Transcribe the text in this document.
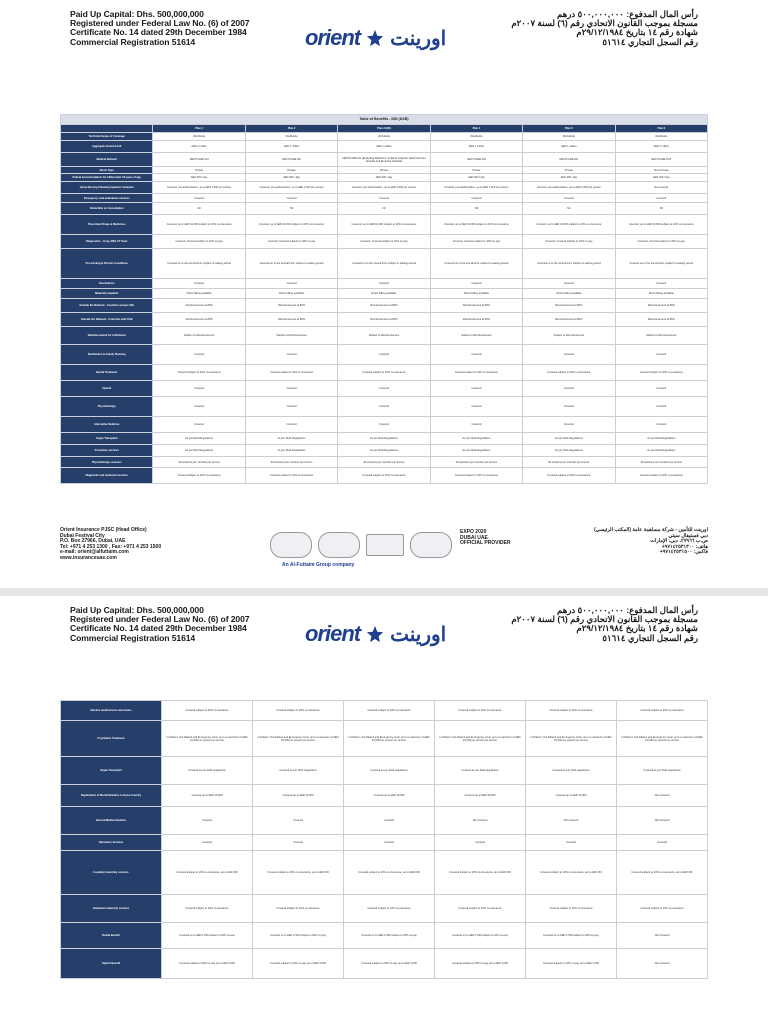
Paid Up Capital: Dhs. 500,000,000
Registered under Federal Law No. (6) of 2007
Certificate No. 14 dated 29th December 1984
Commercial Registration 51614	orient اورينت
رأس المال المدفوع: ٥٠٠,٠٠٠,٠٠٠ درهم
مسجلة بموجب القانون الاتحادي رقم (٦) لسنة ٢٠٠٧م
شهادة رقم ١٤ بتاريخ ٢٩/١٢/١٩٨٤م
رقم السجل التجاري ٥١٦١٤
Table of Benefits - IND (DXB)						
	Plan 1	Plan 2	Plan 3 (ER)	Plan 4	Plan 5	Plan 6
Territorial Scope of Coverage	Worldwide	Worldwide	Worldwide	Worldwide	Worldwide	Worldwide
Aggregate Annual Limit	AED 1 million	AED 1 million	AED 1 million	AED 1 million	AED 1 million	AED 1 million
Medical Network	NEXTCARE GN	NEXTCARE RN	NEXTCARE GN (Excluding Mediclinic, Al Zahra Hospital, Saudi German Hospital and Emirates Hospital)	NEXTCARE RN	NEXTCARE GN	NEXTCARE PCP
Room Type	Private	Private	Private	Private	Private	Semi-Private
Patient Accommodation for Child under 18 years of age	AED 300 / day	AED 300 / day	AED 300 / day	AED 300 / day	AED 300 / day	AED 150 / day
Home Nursing following Inpatient treatment	Covered, pre-authorization, up to AED 1,500 per person	Covered, pre-authorization, up to AED 1,500 per person	Covered, pre-authorization, up to AED 1,500 per person	Covered, pre-authorization, up to AED 1,500 per person	Covered, pre-authorization, up to AED 1,500 per person	Not covered
Emergency road ambulance services	Covered	Covered	Covered	Covered	Covered	Covered
Deductible on Consultation	Nil	Nil	Nil	Nil	Nil	Nil
Prescribed Drugs & Medicines	Covered, up to AED 10,000 subject to 10% co-insurance	Covered, up to AED 10,000 subject to 10% co-insurance	Covered, up to AED 10,000 subject to 10% co-insurance	Covered, up to AED 10,000 subject to 10% co-insurance	Covered, up to AED 10,000 subject to 10% co-insurance	Covered, up to AED 10,000 subject to 10% co-insurance
Diagnostics - X-ray, MRI, CT Scan	Covered, Covered subject to 10% co-pay	Covered, Covered subject to 10% co-pay	Covered, Covered subject to 10% co-pay	Covered, Covered subject to 10% co-pay	Covered, Covered subject to 10% co-pay	Covered, Covered subject to 10% co-pay
Pre-existing & Chronic Conditions	Covered up to the annual limit; subject to waiting period	Covered up to the annual limit; subject to waiting period	Covered up to the annual limit; subject to waiting period	Covered up to the annual limit; subject to waiting period	Covered up to the annual limit; subject to waiting period	Covered up to the annual limit; subject to waiting period
Vaccinations	Covered	Covered	Covered	Covered	Covered	Covered
Maternity Inpatient	Direct billing available	Direct billing available	Direct billing available	Direct billing available	Direct billing available	Direct billing available
Outside the Network - Countries except UAE	Reimbursement at 80%	Reimbursement at 80%	Reimbursement at 80%	Reimbursement at 80%	Reimbursement at 80%	Reimbursement at 80%
Outside the Network - Countries with UAE	Reimbursement at 80%	Reimbursement at 80%	Reimbursement at 80%	Reimbursement at 80%	Reimbursement at 80%	Reimbursement at 80%
Reimbursement for In-Network	Subject to Reimbursement	Subject to Reimbursement	Subject to Reimbursement	Subject to Reimbursement	Subject to Reimbursement	Subject to Reimbursement
Sterilization & Family Planning	Covered	Covered	Covered	Covered	Covered	Covered
Dental Treatment	Covered subject to 20% co-insurance	Covered subject to 20% co-insurance	Covered subject to 20% co-insurance	Covered subject to 20% co-insurance	Covered subject to 20% co-insurance	Covered subject to 20% co-insurance
Optical	Covered	Covered	Covered	Covered	Covered	Covered
Physiotherapy	Covered	Covered	Covered	Covered	Covered	Covered
Alternative Medicine	Covered	Covered	Covered	Covered	Covered	Covered
Organ Transplant	As per DHA Regulations	As per DHA Regulations	As per DHA Regulations	As per DHA Regulations	As per DHA Regulations	As per DHA Regulations
Preventive services	As per DHA Regulations	As per DHA Regulations	As per DHA Regulations	As per DHA Regulations	As per DHA Regulations	As per DHA Regulations
Physiotherapy sessions	30 sessions per member per annum	30 sessions per member per annum	30 sessions per member per annum	30 sessions per member per annum	30 sessions per member per annum	30 sessions per member per annum
Diagnostic and treatment services	Covered subject to 20% co-insurance	Covered subject to 20% co-insurance	Covered subject to 20% co-insurance	Covered subject to 20% co-insurance	Covered subject to 20% co-insurance	Covered subject to 20% co-insurance
Orient Insurance PJSC (Head Office)
Dubai Festival City
P.O. Box 27966, Dubai, UAE
Tel: +971 4 253 1300 , Fax: +971 4 253 1500
e-mail: orient@alfuttaim.com
www.insuranceuae.com
EXPO 2020
DUBAI UAE
OFFICIAL PROVIDER
An Al-Futtaim Group company
اورينت للتأمين - شركة مساهمة عامة (المكتب الرئيسي)
دبي فستيفال سيتي
ص.ب ٢٧٩٦٦، دبي، الإمارات
هاتف: ٩٧١٤٢٥٣١٣٠٠+
فاكس: ٩٧١٤٢٥٣١٥٠٠+
Paid Up Capital: Dhs. 500,000,000
Registered under Federal Law No. (6) of 2007
Certificate No. 14 dated 29th December 1984
Commercial Registration 51614	orient اورينت
رأس المال المدفوع: ٥٠٠,٠٠٠,٠٠٠ درهم
مسجلة بموجب القانون الاتحادي رقم (٦) لسنة ٢٠٠٧م
شهادة رقم ١٤ بتاريخ ٢٩/١٢/١٩٨٤م
رقم السجل التجاري ٥١٦١٤
Elective medical tests and exams	Covered subject to 20% co-insurance	Covered subject to 20% co-insurance	Covered subject to 20% co-insurance	Covered subject to 20% co-insurance	Covered subject to 20% co-insurance	Covered subject to 20% co-insurance
Psychiatric Treatment	In-Patient, Out-Patient and Emergency cover up to a maximum of AED 10,000 per person per annum	In-Patient, Out-Patient and Emergency cover up to a maximum of AED 10,000 per person per annum	In-Patient, Out-Patient and Emergency cover up to a maximum of AED 10,000 per person per annum	In-Patient, Out-Patient and Emergency cover up to a maximum of AED 10,000 per person per annum	In-Patient, Out-Patient and Emergency cover up to a maximum of AED 10,000 per person per annum	In-Patient, Out-Patient and Emergency cover up to a maximum of AED 10,000 per person per annum
Organ Transplant	Covered as per DHA regulations	Covered as per DHA regulations	Covered as per DHA regulations	Covered as per DHA regulations	Covered as per DHA regulations	Covered as per DHA regulations
Repatriation of Mortal Remains to Home Country	Covered up to AED 10,000	Covered up to AED 10,000	Covered up to AED 10,000	Covered up to AED 10,000	Covered up to AED 10,000	Not Covered
Second Medical Opinion	Covered	Covered	Covered	Not Covered	Not Covered	Not Covered
Optometry Services	Covered	Covered	Covered	Covered	Covered	Covered
In-patient maternity services	Covered subject to 10% co-insurance, up to AED 150	Covered subject to 10% co-insurance, up to AED 150	Covered subject to 10% co-insurance, up to AED 150	Covered subject to 10% co-insurance, up to AED 150	Covered subject to 10% co-insurance, up to AED 150	Covered subject to 10% co-insurance, up to AED 150
Outpatient maternity services	Covered subject to 10% co-insurance	Covered subject to 10% co-insurance	Covered subject to 10% co-insurance	Covered subject to 10% co-insurance	Covered subject to 10% co-insurance	Covered subject to 10% co-insurance
Dental Benefit	Covered up to AED 1,500 subject to 20% co-pay	Covered up to AED 1,500 subject to 20% co-pay	Covered up to AED 1,500 subject to 20% co-pay	Covered up to AED 1,500 subject to 20% co-pay	Covered up to AED 1,500 subject to 20% co-pay	Not Covered
Optical Benefit	Covered subject to 20% co-pay up to AED 1,000	Covered subject to 20% co-pay up to AED 1,000	Covered subject to 20% co-pay up to AED 1,000	Covered subject to 20% co-pay up to AED 1,000	Covered subject to 20% co-pay up to AED 1,000	Not Covered
